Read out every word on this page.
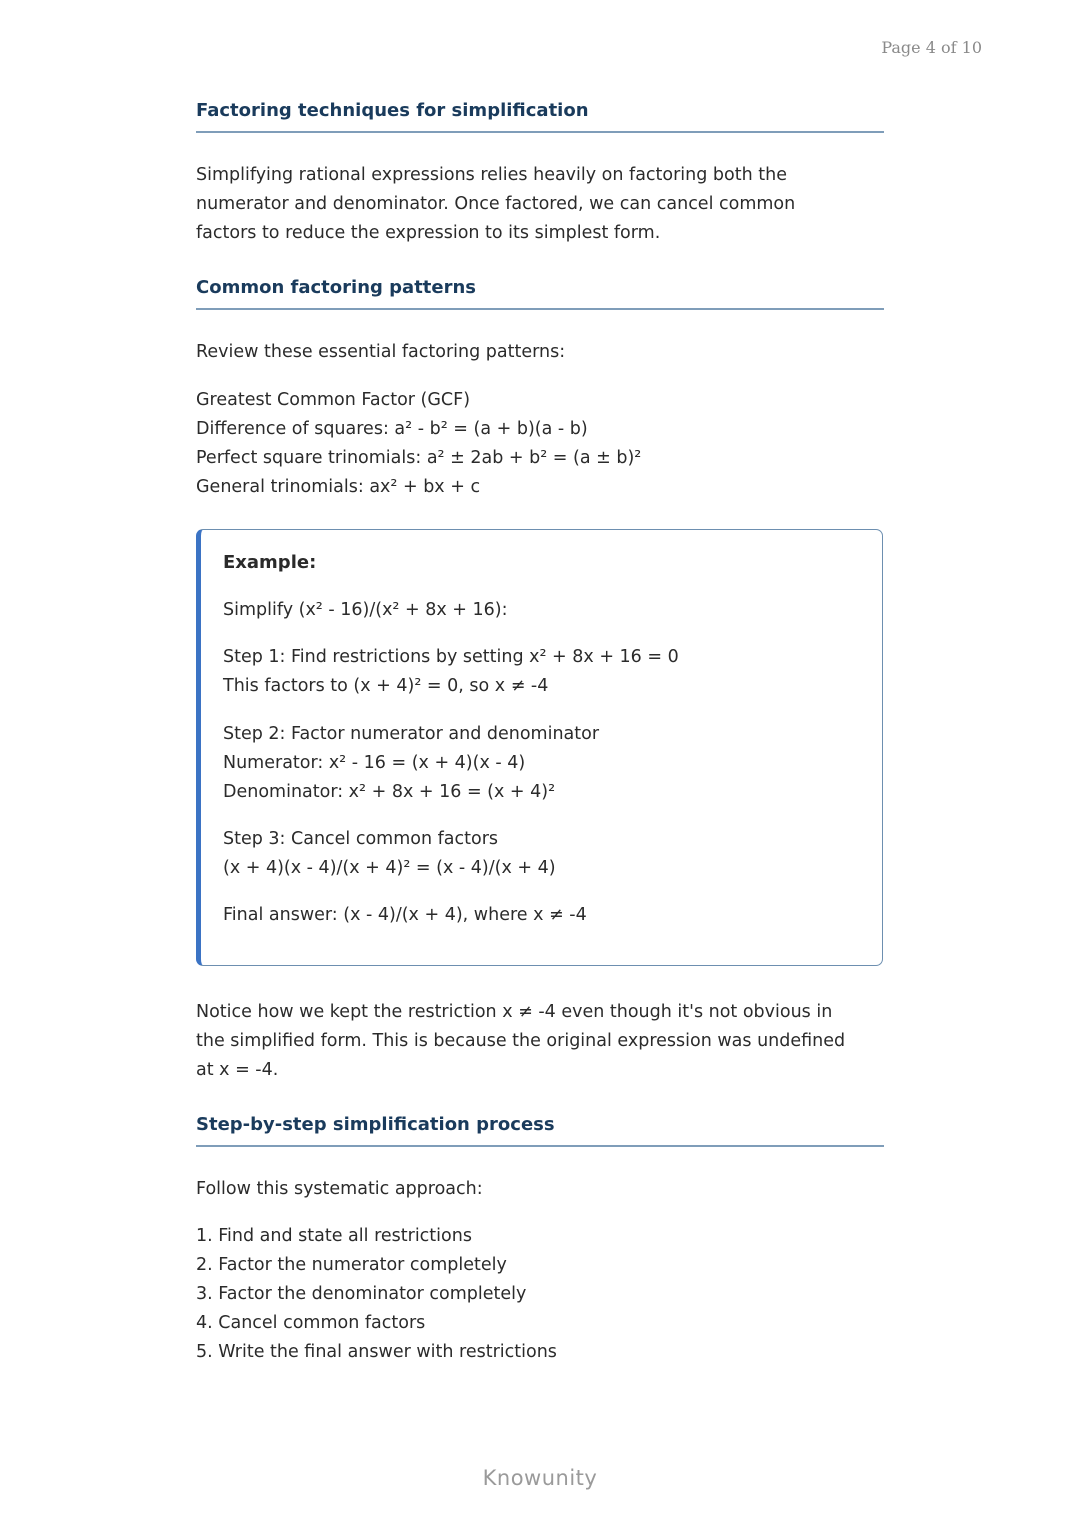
Page 4 of 10
Factoring techniques for simplification

Simplifying rational expressions relies heavily on factoring both the

numerator and denominator. Once factored, we can cancel common

factors to reduce the expression to its simplest form.

Common factoring patterns

Review these essential factoring patterns:

Greatest Common Factor (GCF)

Difference of squares: a² - b² = (a + b)(a - b)

Perfect square trinomials: a² ± 2ab + b² = (a ± b)²

General trinomials: ax² + bx + c

Example:

Simplify (x² - 16)/(x² + 8x + 16):

Step 1: Find restrictions by setting x² + 8x + 16 = 0

This factors to (x + 4)² = 0, so x ≠ -4

Step 2: Factor numerator and denominator

Numerator: x² - 16 = (x + 4)(x - 4)

Denominator: x² + 8x + 16 = (x + 4)²

Step 3: Cancel common factors

(x + 4)(x - 4)/(x + 4)² = (x - 4)/(x + 4)

Final answer: (x - 4)/(x + 4), where x ≠ -4

Notice how we kept the restriction x ≠ -4 even though it's not obvious in

the simplified form. This is because the original expression was undefined

at x = -4.

Step-by-step simplification process

Follow this systematic approach:

1. Find and state all restrictions

2. Factor the numerator completely

3. Factor the denominator completely

4. Cancel common factors

5. Write the final answer with restrictions

Knowunity
